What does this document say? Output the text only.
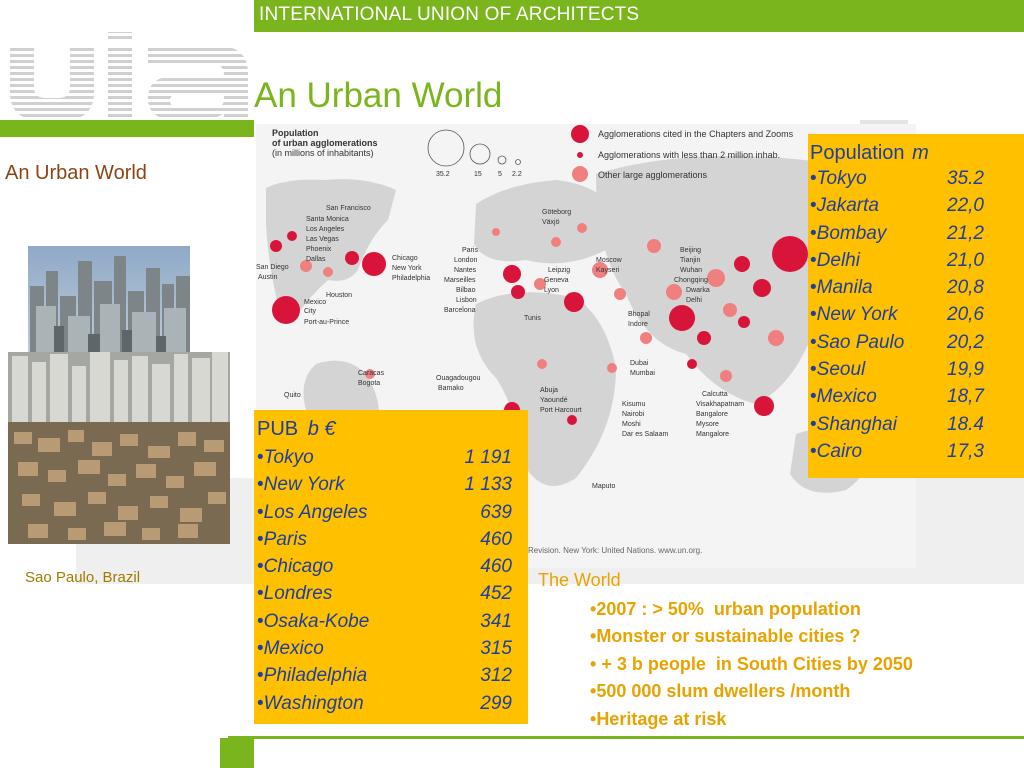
INTERNATIONAL UNION OF ARCHITECTS
An Urban World
An Urban World
Sao Paulo, Brazil
Population
of urban agglomerations
(in millions of inhabitants)
35.2	15 5 2.2
Agglomerations cited in the Chapters and Zooms
Agglomerations with less than 2 million inhab.
Other large agglomerations
San Francisco
Santa Monica
Los Angeles
Las Vegas
Phoenix
Dallas
San Diego
Austin
Houston
Mexico
City
Port-au-Prince
Chicago
New York
Philadelphia
Caracas
Bogota
Quito
Göteborg
Växjö
Paris
London
Nantes
Marseilles
Bilbao
Lisbon
Barcelona
Leipzig
Geneva
Lyon
Tunis
Moscow
Kayseri
Ouagadougou
Bamako	Abuja
Yaoundé
Port Harcourt
Kisumu
Nairobi
Moshi
Dar es Salaam
Maputo
Beijing
Tianjin
Wuhan
Chongqing
Dwarka
Delhi
Bhopal
Indore
Dubai
Mumbai
Calcutta
Visakhapatnam
Bangalore
Mysore
Mangalore
Revision. New York: United Nations. www.un.org.
PUB b €
•Tokyo	1 191
•New York	1 133
•Los Angeles	639
•Paris	460
•Chicago	460
•Londres	452
•Osaka-Kobe	341
•Mexico	315
•Philadelphia	312
•Washington	299
Population m
•Tokyo	35.2
•Jakarta	22,0
•Bombay	21,2
•Delhi	21,0
•Manila	20,8
•New York	20,6
•Sao Paulo 20,2
•Seoul	19,9
•Mexico	18,7
•Shanghai	18.4
•Cairo	17,3
The World
•2007 : > 50%  urban population
•Monster or sustainable cities ?
• + 3 b people  in South Cities by 2050
•500 000 slum dwellers /month
•Heritage at risk
